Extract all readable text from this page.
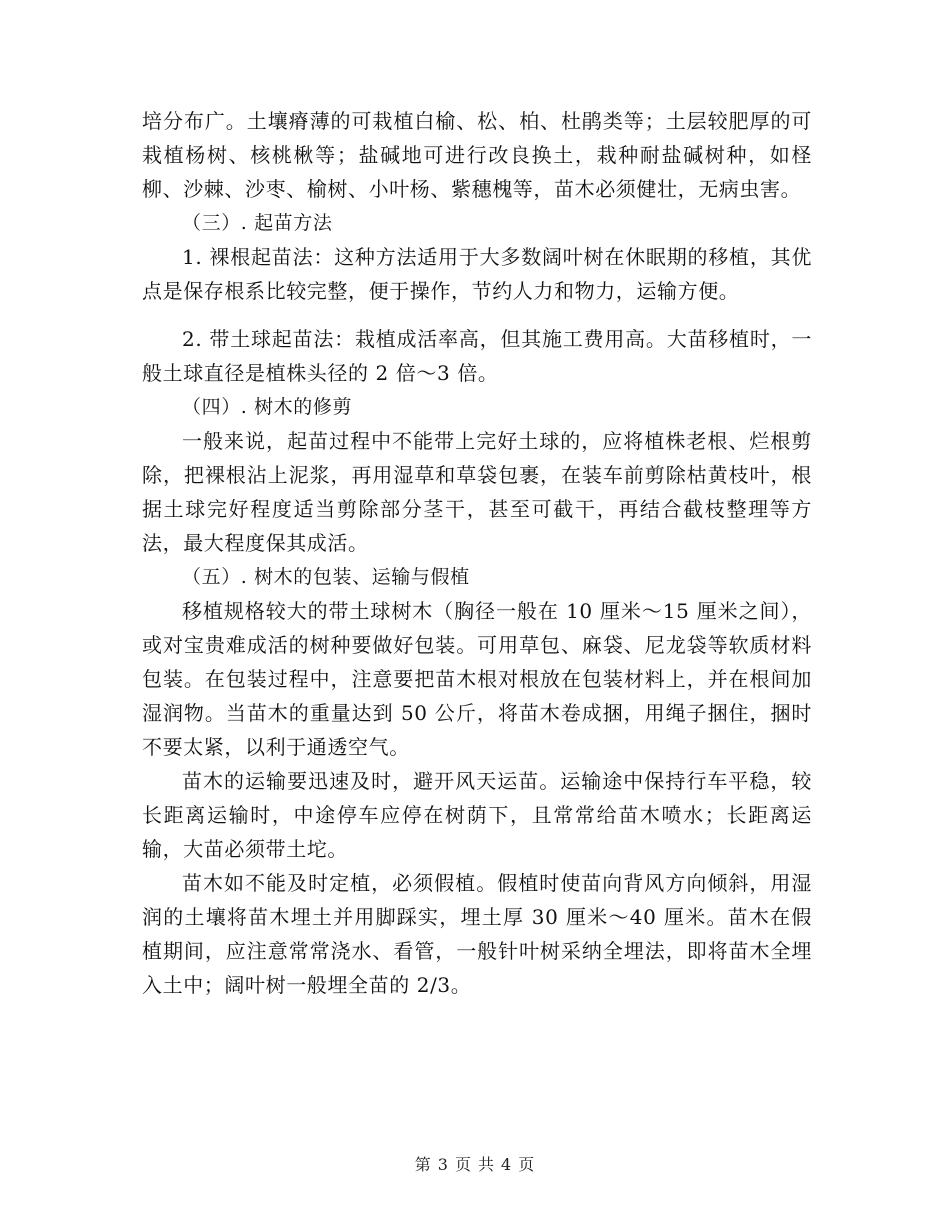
培分布广。土壤瘠薄的可栽植白榆、松、柏、杜鹃类等；土层较肥厚的可栽植杨树、核桃楸等；盐碱地可进行改良换土，栽种耐盐碱树种，如柽柳、沙棘、沙枣、榆树、小叶杨、紫穗槐等，苗木必须健壮，无病虫害。

（三）. 起苗方法

1. 裸根起苗法：这种方法适用于大多数阔叶树在休眠期的移植，其优点是保存根系比较完整，便于操作，节约人力和物力，运输方便。

2. 带土球起苗法：栽植成活率高，但其施工费用高。大苗移植时，一般土球直径是植株头径的 2 倍～3 倍。

（四）. 树木的修剪

一般来说，起苗过程中不能带上完好土球的，应将植株老根、烂根剪除，把裸根沾上泥浆，再用湿草和草袋包裹，在装车前剪除枯黄枝叶，根据土球完好程度适当剪除部分茎干，甚至可截干，再结合截枝整理等方法，最大程度保其成活。

（五）. 树木的包装、运输与假植

移植规格较大的带土球树木（胸径一般在 10 厘米～15 厘米之间），或对宝贵难成活的树种要做好包装。可用草包、麻袋、尼龙袋等软质材料包装。在包装过程中，注意要把苗木根对根放在包装材料上，并在根间加湿润物。当苗木的重量达到 50 公斤，将苗木卷成捆，用绳子捆住，捆时不要太紧，以利于通透空气。

苗木的运输要迅速及时，避开风天运苗。运输途中保持行车平稳，较长距离运输时，中途停车应停在树荫下，且常常给苗木喷水；长距离运输，大苗必须带土坨。

苗木如不能及时定植，必须假植。假植时使苗向背风方向倾斜，用湿润的土壤将苗木埋土并用脚踩实，埋土厚 30 厘米～40 厘米。苗木在假植期间，应注意常常浇水、看管，一般针叶树采纳全埋法，即将苗木全埋入土中；阔叶树一般埋全苗的 2/3。

第 3 页 共 4 页
